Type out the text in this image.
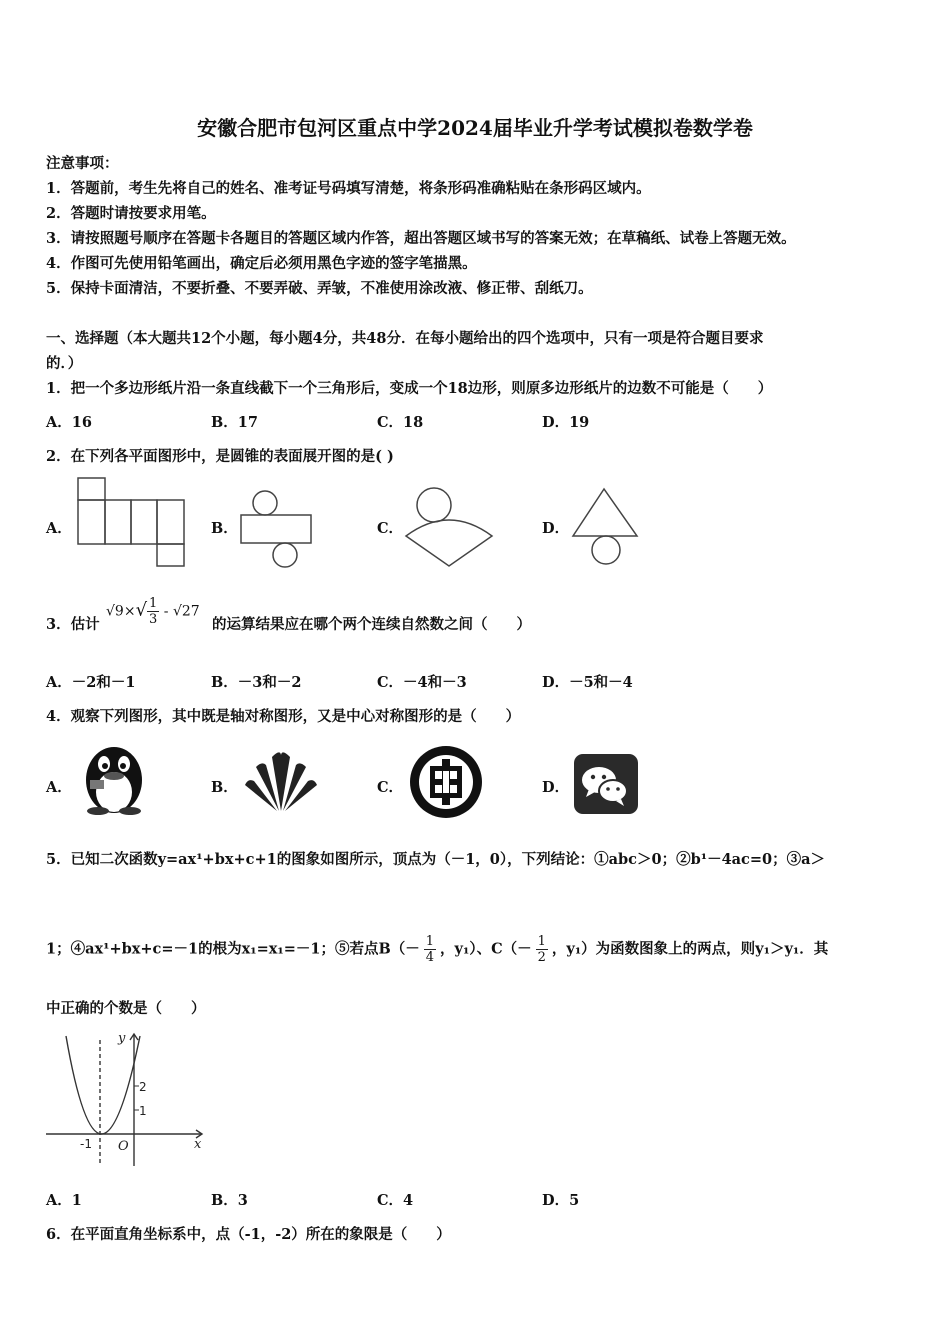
安徽合肥市包河区重点中学2024届毕业升学考试模拟卷数学卷
注意事项：
1．答题前，考生先将自己的姓名、准考证号码填写清楚，将条形码准确粘贴在条形码区域内。
2．答题时请按要求用笔。
3．请按照题号顺序在答题卡各题目的答题区域内作答，超出答题区域书写的答案无效；在草稿纸、试卷上答题无效。
4．作图可先使用铅笔画出，确定后必须用黑色字迹的签字笔描黑。
5．保持卡面清洁，不要折叠、不要弄破、弄皱，不准使用涂改液、修正带、刮纸刀。
一、选择题（本大题共12个小题，每小题4分，共48分．在每小题给出的四个选项中，只有一项是符合题目要求
的．）
1．把一个多边形纸片沿一条直线截下一个三角形后，变成一个18边形，则原多边形纸片的边数不可能是（　　）
A．16	B．17	C．18	D．19
2．在下列各平面图形中，是圆锥的表面展开图的是( )
A．	B．	C．	D．
3．估计
$√9\times√ \frac{1}{3} - √27$
的运算结果应在哪个两个连续自然数之间（　　）
A．－2和－1	B．－3和－2	C．－4和－3	D．－5和－4
4．观察下列图形，其中既是轴对称图形，又是中心对称图形的是（　　）
A．	B．	C．	D．
5．已知二次函数y=ax¹+bx+c+1的图象如图所示，顶点为（－1，0），下列结论：①abc＞0；②b¹－4ac=0；③a＞
1；④ax¹+bx+c=－1的根为x₁=x₁=－1；⑤若点$B(- \frac{1}{4}$ ，y₁）、$C(- \frac{1}{2}$ ，y₁）为函数图象上的两点，则y₁＞y₁．其
中正确的个数是（　　）
y
x
O
2
1
-1
A．1	B．3	C．4	D．5
6．在平面直角坐标系中，点（-1，-2）所在的象限是（　　）
